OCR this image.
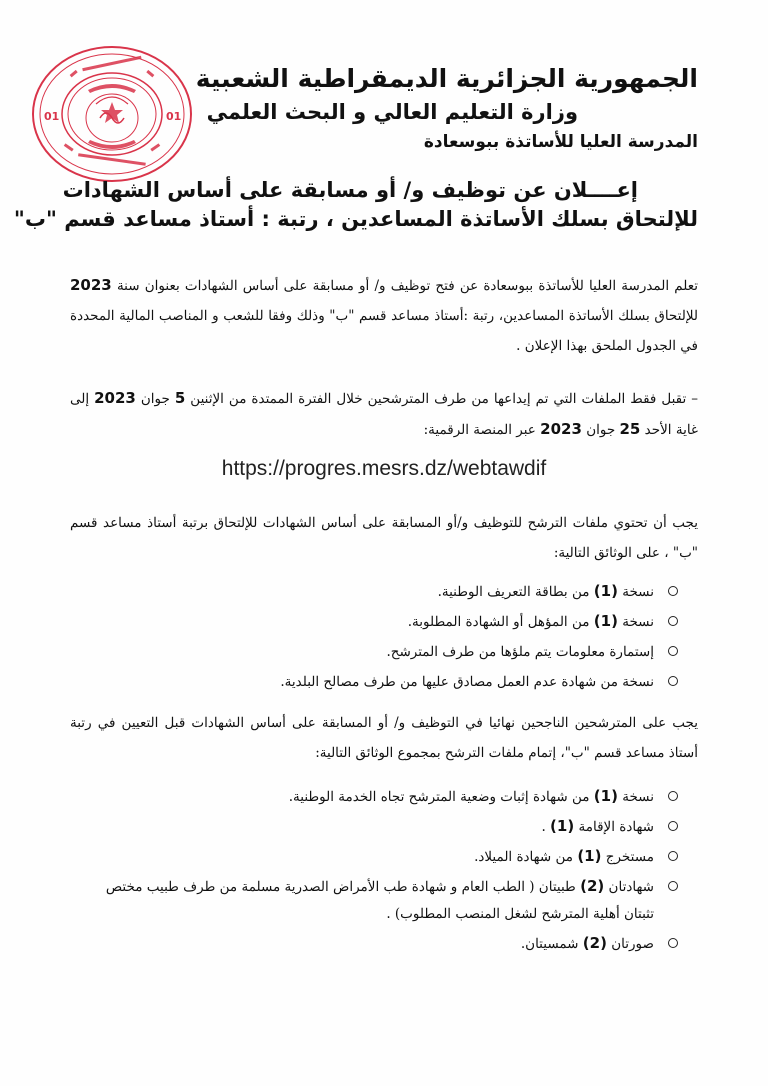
01	01
الجمهورية الجزائرية الديمقراطية الشعبية
وزارة التعليم العالي و البحث العلمي
المدرسة العليا للأساتذة ببوسعادة
إعــــلان عن توظيف و/ أو مسابقة على أساس الشهادات
للإلتحاق بسلك الأساتذة المساعدين ، رتبة : أستاذ مساعد قسم "ب"
تعلم المدرسة العليا للأساتذة ببوسعادة عن فتح توظيف و/ أو مسابقة على أساس الشهادات بعنوان سنة 2023 للإلتحاق بسلك الأساتذة المساعدين، رتبة :أستاذ مساعد قسم "ب" وذلك وفقا للشعب و المناصب المالية المحددة في الجدول الملحق بهذا الإعلان .
– تقبل فقط الملفات التي تم إيداعها من طرف المترشحين خلال الفترة الممتدة من الإثنين 5 جوان 2023 إلى غاية الأحد 25 جوان 2023 عبر المنصة الرقمية:
https://progres.mesrs.dz/webtawdif
يجب أن تحتوي ملفات الترشح للتوظيف و/أو المسابقة على أساس الشهادات للإلتحاق برتبة أستاذ مساعد قسم "ب" ، على الوثائق التالية:
نسخة (1) من بطاقة التعريف الوطنية.
نسخة (1) من المؤهل أو الشهادة المطلوبة.
إستمارة معلومات يتم ملؤها من طرف المترشح.
نسخة من شهادة عدم العمل مصادق عليها من طرف مصالح البلدية.
يجب على المترشحين الناجحين نهائيا في التوظيف و/ أو المسابقة على أساس الشهادات قبل التعيين في رتبة أستاذ مساعد قسم "ب"، إتمام ملفات الترشح بمجموع الوثائق التالية:
نسخة (1) من شهادة إثبات وضعية المترشح تجاه الخدمة الوطنية.
شهادة الإقامة (1) .
مستخرج (1) من شهادة الميلاد.
شهادتان (2) طبيتان ( الطب العام و شهادة طب الأمراض الصدرية مسلمة من طرف طبيب مختص تثبتان أهلية المترشح لشغل المنصب المطلوب) .
صورتان (2) شمسيتان.
